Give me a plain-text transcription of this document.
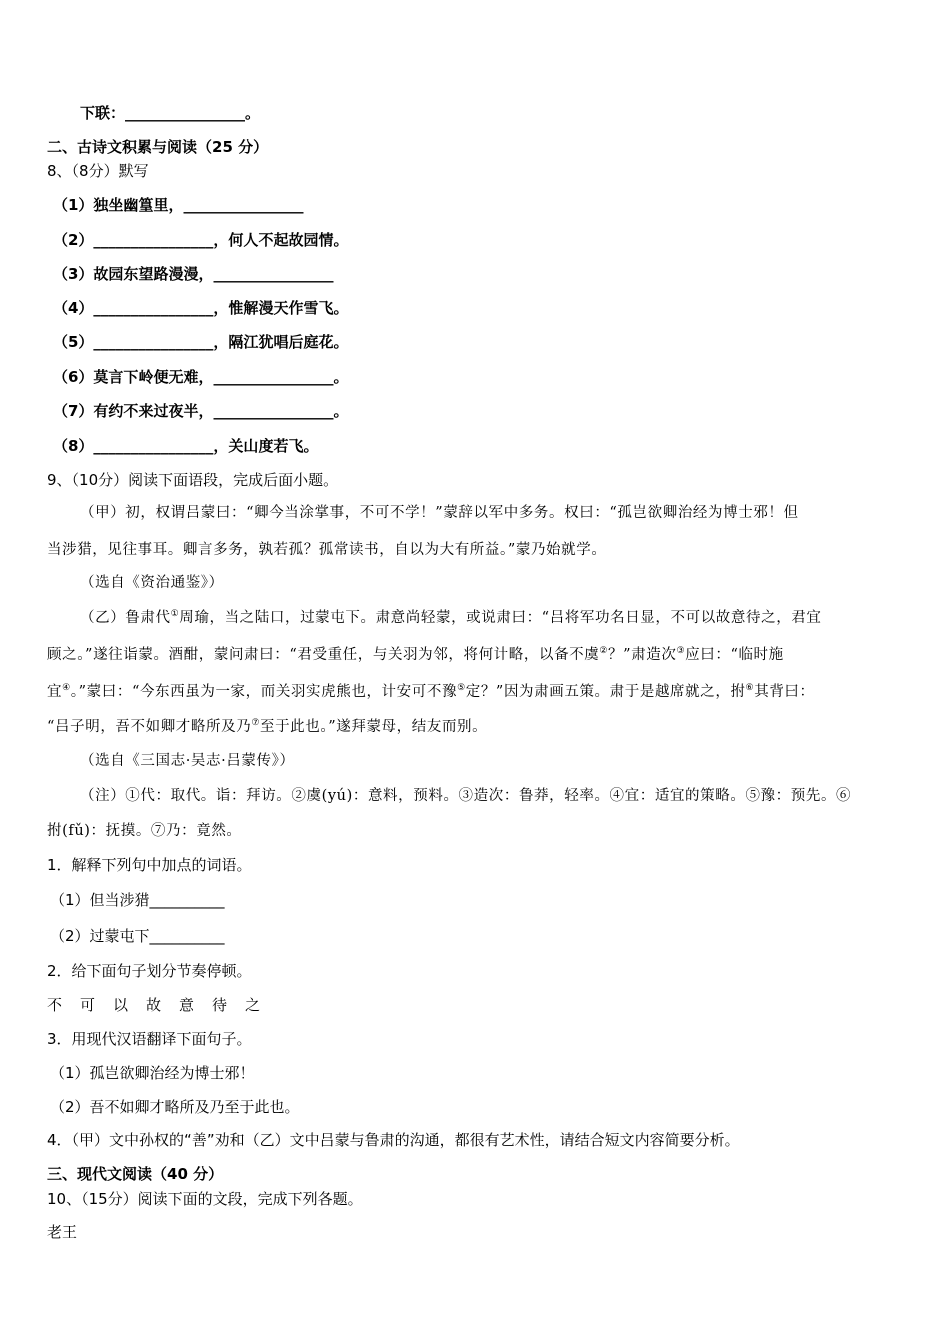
下联：________________。
二、古诗文积累与阅读（25 分）
8、（8分）默写
（1）独坐幽篁里，________________
（2）________________，何人不起故园情。
（3）故园东望路漫漫，________________
（4）________________，惟解漫天作雪飞。
（5）________________，隔江犹唱后庭花。
（6）莫言下岭便无难，________________。
（7）有约不来过夜半，________________。
（8）________________，关山度若飞。
9、（10分）阅读下面语段，完成后面小题。
（甲）初，权谓吕蒙曰：“卿今当涂掌事，不可不学！”蒙辞以军中多务。权曰：“孤岂欲卿治经为博士邪！但
当涉猎，见往事耳。卿言多务，孰若孤？孤常读书，自以为大有所益。”蒙乃始就学。
（选自《资治通鉴》）
（乙）鲁肃代①周瑜，当之陆口，过蒙屯下。肃意尚轻蒙，或说肃曰：“吕将军功名日显，不可以故意待之，君宜
顾之。”遂往诣蒙。酒酣，蒙问肃曰：“君受重任，与关羽为邻，将何计略，以备不虞②？”肃造次③应曰：“临时施
宜④。”蒙曰：“今东西虽为一家，而关羽实虎熊也，计安可不豫⑤定？”因为肃画五策。肃于是越席就之，拊⑥其背曰：
“吕子明，吾不如卿才略所及乃⑦至于此也。”遂拜蒙母，结友而别。
（选自《三国志·吴志·吕蒙传》）
（注）①代：取代。诣：拜访。②虞(yú)：意料，预料。③造次：鲁莽，轻率。④宜：适宜的策略。⑤豫：预先。⑥
拊(fǔ)：抚摸。⑦乃：竟然。
1．解释下列句中加点的词语。
（1）但当涉猎__________
（2）过蒙屯下__________
2．给下面句子划分节奏停顿。
不可以故意待之
3．用现代汉语翻译下面句子。
（1）孤岂欲卿治经为博士邪！
（2）吾不如卿才略所及乃至于此也。
4．（甲）文中孙权的“善”劝和（乙）文中吕蒙与鲁肃的沟通，都很有艺术性，请结合短文内容简要分析。
三、现代文阅读（40 分）
10、（15分）阅读下面的文段，完成下列各题。
老王
